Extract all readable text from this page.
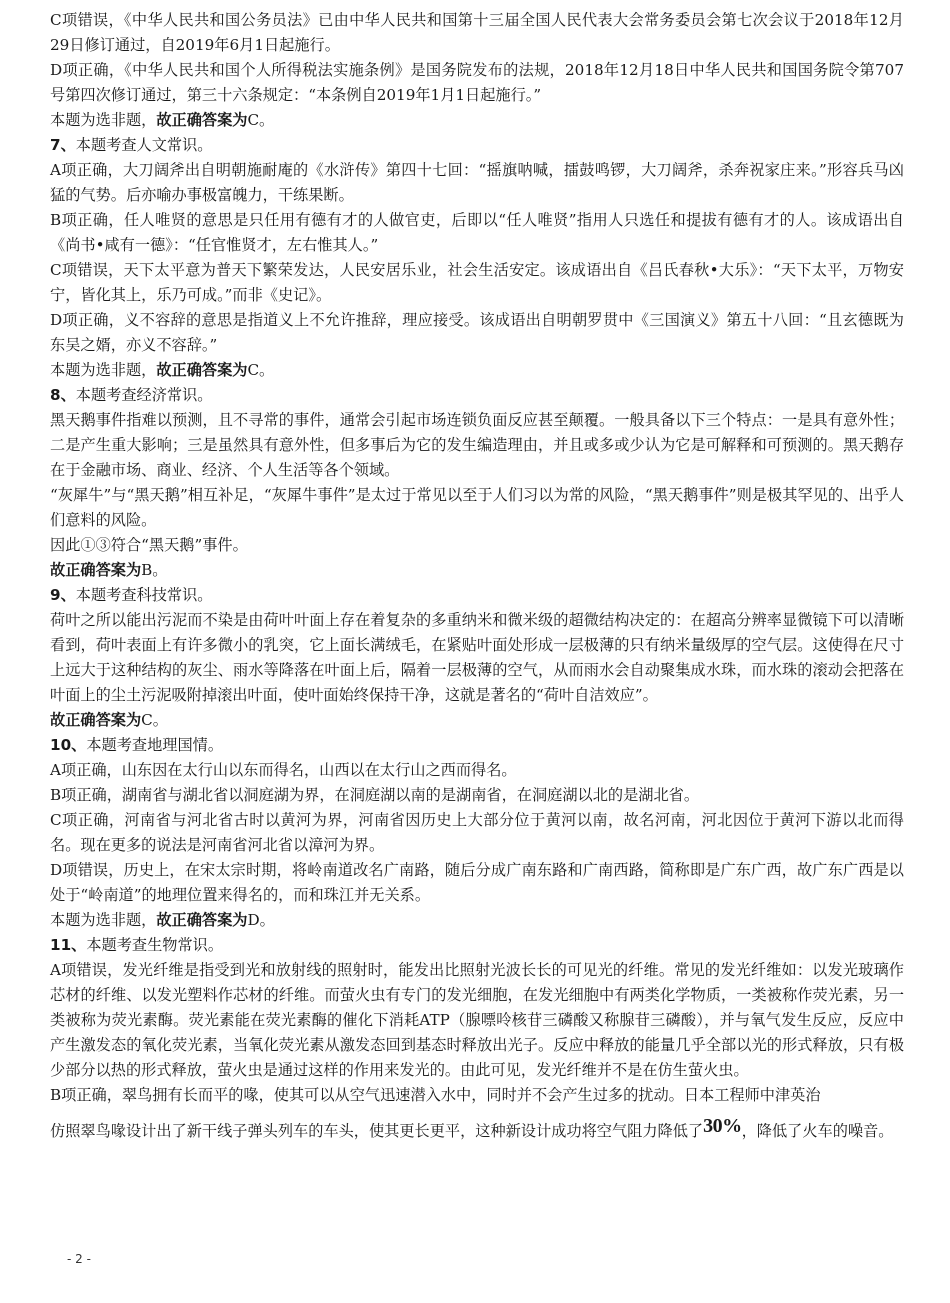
C项错误，《中华人民共和国公务员法》已由中华人民共和国第十三届全国人民代表大会常务委员会第七次会议于2018年12月29日修订通过，自2019年6月1日起施行。

D项正确，《中华人民共和国个人所得税法实施条例》是国务院发布的法规，2018年12月18日中华人民共和国国务院令第707号第四次修订通过，第三十六条规定：“本条例自2019年1月1日起施行。”

本题为选非题，故正确答案为C。

7、本题考查人文常识。

A项正确，大刀阔斧出自明朝施耐庵的《水浒传》第四十七回：“摇旗呐喊，擂鼓鸣锣，大刀阔斧，杀奔祝家庄来。”形容兵马凶猛的气势。后亦喻办事极富魄力，干练果断。

B项正确，任人唯贤的意思是只任用有德有才的人做官吏，后即以“任人唯贤”指用人只选任和提拔有德有才的人。该成语出自《尚书•咸有一德》：“任官惟贤才，左右惟其人。”

C项错误，天下太平意为普天下繁荣发达，人民安居乐业，社会生活安定。该成语出自《吕氏春秋•大乐》：“天下太平，万物安宁，皆化其上，乐乃可成。”而非《史记》。

D项正确，义不容辞的意思是指道义上不允许推辞，理应接受。该成语出自明朝罗贯中《三国演义》第五十八回：“且玄德既为东吴之婿，亦义不容辞。”

本题为选非题，故正确答案为C。

8、本题考查经济常识。

黑天鹅事件指难以预测，且不寻常的事件，通常会引起市场连锁负面反应甚至颠覆。一般具备以下三个特点：一是具有意外性；二是产生重大影响；三是虽然具有意外性，但多事后为它的发生编造理由，并且或多或少认为它是可解释和可预测的。黑天鹅存在于金融市场、商业、经济、个人生活等各个领域。

“灰犀牛”与“黑天鹅”相互补足，“灰犀牛事件”是太过于常见以至于人们习以为常的风险，“黑天鹅事件”则是极其罕见的、出乎人们意料的风险。

因此①③符合“黑天鹅”事件。

故正确答案为B。

9、本题考查科技常识。

荷叶之所以能出污泥而不染是由荷叶叶面上存在着复杂的多重纳米和微米级的超微结构决定的：在超高分辨率显微镜下可以清晰看到，荷叶表面上有许多微小的乳突，它上面长满绒毛，在紧贴叶面处形成一层极薄的只有纳米量级厚的空气层。这使得在尺寸上远大于这种结构的灰尘、雨水等降落在叶面上后，隔着一层极薄的空气，从而雨水会自动聚集成水珠，而水珠的滚动会把落在叶面上的尘土污泥吸附掉滚出叶面，使叶面始终保持干净，这就是著名的“荷叶自洁效应”。

故正确答案为C。

10、本题考查地理国情。

A项正确，山东因在太行山以东而得名，山西以在太行山之西而得名。

B项正确，湖南省与湖北省以洞庭湖为界，在洞庭湖以南的是湖南省，在洞庭湖以北的是湖北省。

C项正确，河南省与河北省古时以黄河为界，河南省因历史上大部分位于黄河以南，故名河南，河北因位于黄河下游以北而得名。现在更多的说法是河南省河北省以漳河为界。

D项错误，历史上，在宋太宗时期，将岭南道改名广南路，随后分成广南东路和广南西路，简称即是广东广西，故广东广西是以处于“岭南道”的地理位置来得名的，而和珠江并无关系。

本题为选非题，故正确答案为D。

11、本题考查生物常识。

A项错误，发光纤维是指受到光和放射线的照射时，能发出比照射光波长长的可见光的纤维。常见的发光纤维如：以发光玻璃作芯材的纤维、以发光塑料作芯材的纤维。而萤火虫有专门的发光细胞，在发光细胞中有两类化学物质，一类被称作荧光素，另一类被称为荧光素酶。荧光素能在荧光素酶的催化下消耗ATP（腺嘌呤核苷三磷酸又称腺苷三磷酸），并与氧气发生反应，反应中产生激发态的氧化荧光素，当氧化荧光素从激发态回到基态时释放出光子。反应中释放的能量几乎全部以光的形式释放，只有极少部分以热的形式释放，萤火虫是通过这样的作用来发光的。由此可见，发光纤维并不是在仿生萤火虫。

B项正确，翠鸟拥有长而平的喙，使其可以从空气迅速潜入水中，同时并不会产生过多的扰动。日本工程师中津英治

仿照翠鸟喙设计出了新干线子弹头列车的车头，使其更长更平，这种新设计成功将空气阻力降低了30%，降低了火车的噪音。

- 2 -
